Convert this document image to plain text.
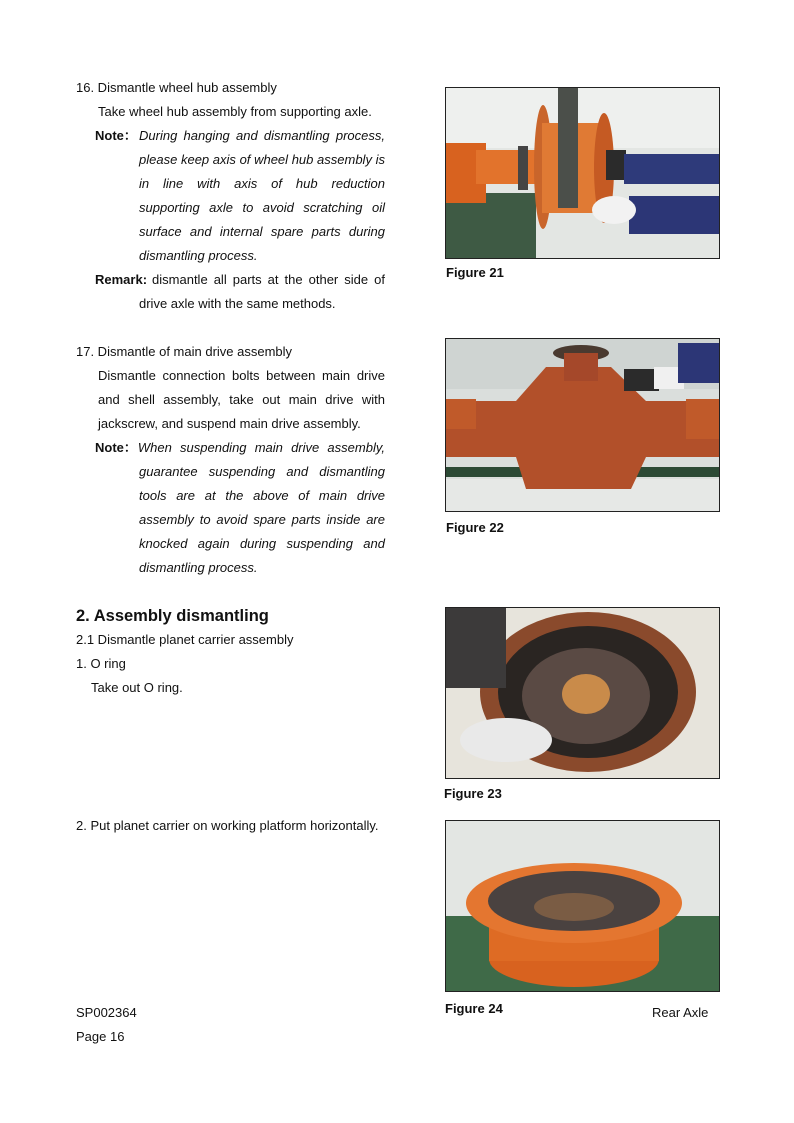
16. Dismantle wheel hub assembly
Take wheel hub assembly from supporting axle.
Note： During hanging and dismantling process, please keep axis of wheel hub assembly is in line with axis of hub reduction supporting axle to avoid scratching oil surface and internal spare parts during dismantling process.
Remark: dismantle all parts at the other side of
drive axle with the same methods.
Figure 21
17. Dismantle of main drive assembly
Dismantle connection bolts between main drive and shell assembly, take out main drive with jackscrew, and suspend main drive assembly.
Note： When suspending main drive assembly,
guarantee suspending and dismantling tools are at the above of main drive assembly to avoid spare parts inside are knocked again during suspending and dismantling process.
Figure 22
2. Assembly dismantling
2.1 Dismantle planet carrier assembly
1. O ring
Take out O ring.
2. Put planet carrier on working platform horizontally.
Figure 23
Figure 24
SP002364
Page 16
Rear Axle
